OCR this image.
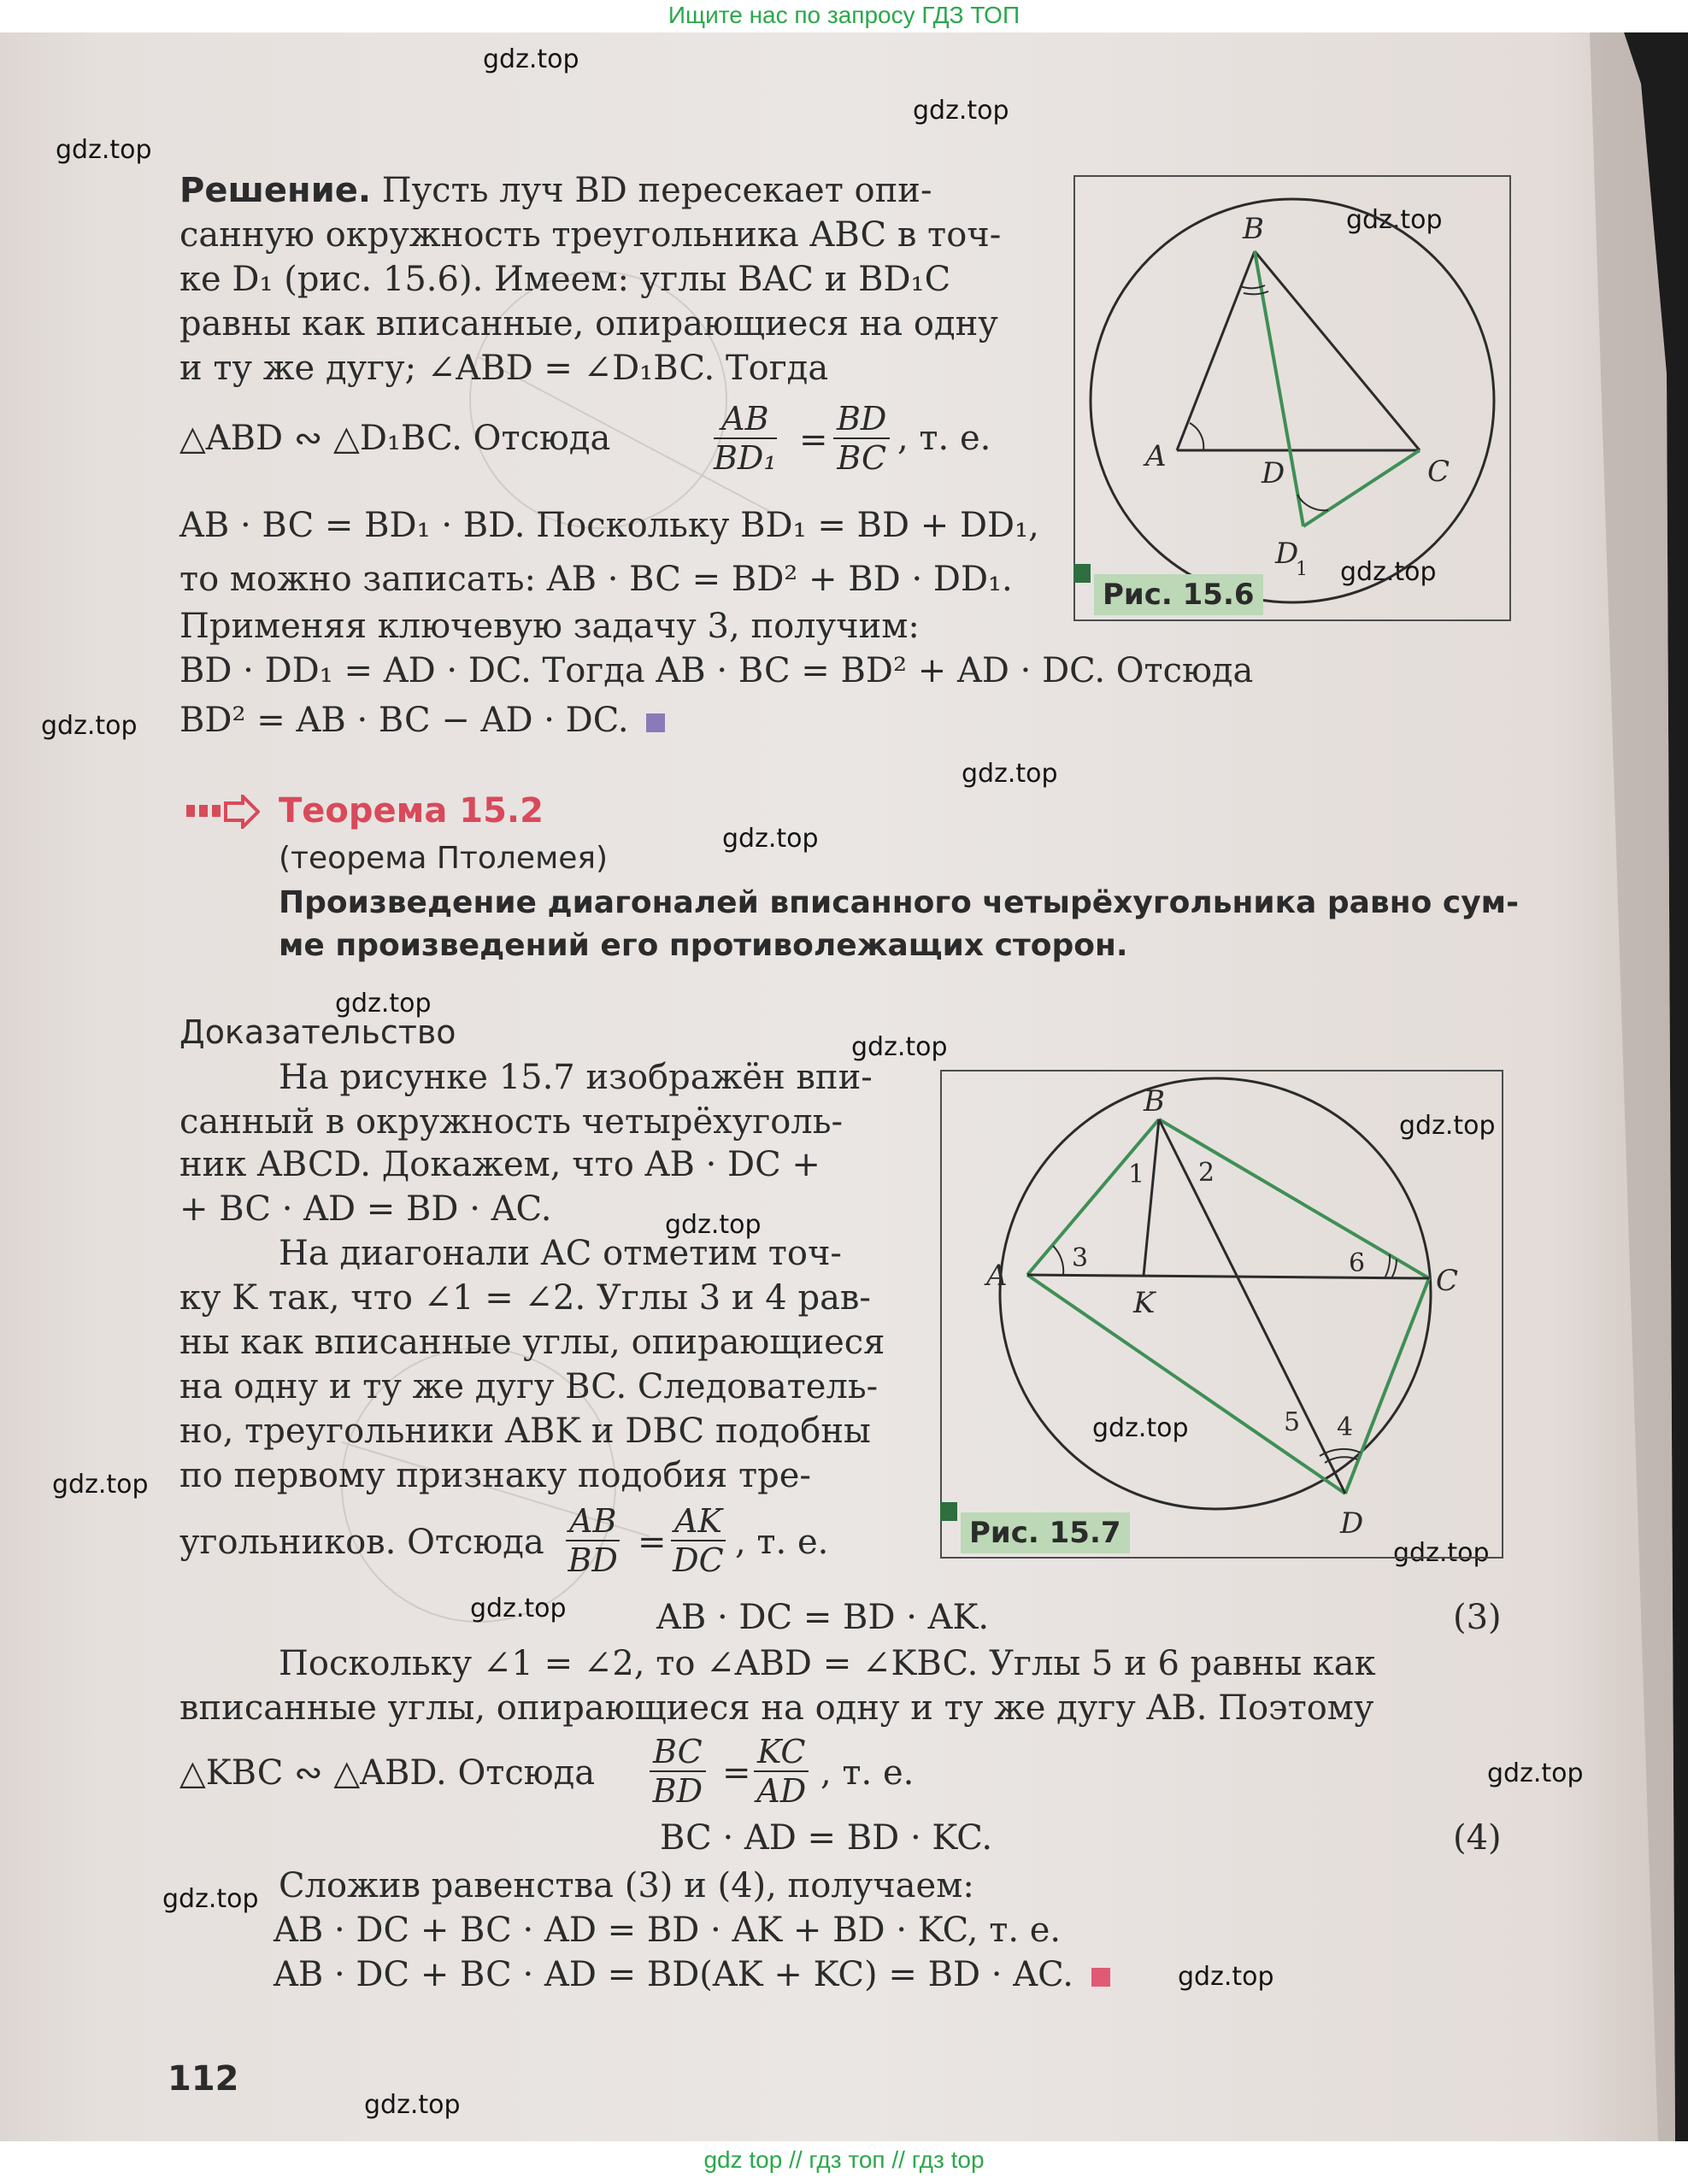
Ищите нас по запросу ГДЗ ТОП
gdz.top
gdz.top
gdz.top
gdz.top
gdz.top
gdz.top
gdz.top
gdz.top
gdz.top
gdz.top
gdz.top
gdz.top
gdz.top
gdz.top
gdz.top
gdz.top
gdz.top
gdz.top
gdz.top
gdz.top
Решение. Пусть луч BD пересекает опи-
санную окружность треугольника ABC в точ-
ке D₁ (рис. 15.6). Имеем: углы BAC и BD₁C
равны как вписанные, опирающиеся на одну
и ту же дугу; ∠ABD = ∠D₁BC. Тогда
△ABD ∾ △D₁BC. Отсюда	$\frac{AB}{\text{BD₁}} = \frac{BD}{BC}$ , т. е.
AB · BC = BD₁ · BD. Поскольку BD₁ = BD + DD₁,
то можно записать: AB · BC = BD² + BD · DD₁.
Применяя ключевую задачу 3, получим:
BD · DD₁ = AD · DC. Тогда AB · BC = BD² + AD · DC. Отсюда
BD² = AB · BC − AD · DC.
B
A	C
D
D
1
Рис. 15.6
Теорема 15.2
(теорема Птолемея)
Произведение диагоналей вписанного четырёхугольника равно сум-
ме произведений его противолежащих сторон.
Доказательство
На рисунке 15.7 изображён впи-
санный в окружность четырёхуголь-
ник ABCD. Докажем, что AB · DC +
+ BC · AD = BD · AC.
На диагонали AC отметим точ-
ку K так, что ∠1 = ∠2. Углы 3 и 4 рав-
ны как вписанные углы, опирающиеся
на одну и ту же дугу BC. Следователь-
но, треугольники ABK и DBC подобны
по первому признаку подобия тре-
угольников. Отсюда $\frac{AB}{BD} = \frac{AK}{DC}$ , т. е.
AB · DC = BD · AK.	(3)
Поскольку ∠1 = ∠2, то ∠ABD = ∠KBC. Углы 5 и 6 равны как
вписанные углы, опирающиеся на одну и ту же дугу AB. Поэтому
△KBC ∾ △ABD. Отсюда $\frac{BC}{BD} = \frac{KC}{AD}$ , т. е.
BC · AD = BD · KC.	(4)
Сложив равенства (3) и (4), получаем:
AB · DC + BC · AD = BD · AK + BD · KC, т. е.
AB · DC + BC · AD = BD(AK + KC) = BD · AC.
B
A	C
D
K
1 2
3
4
5
6
Рис. 15.7
112
gdz top // гдз топ // гдз top
